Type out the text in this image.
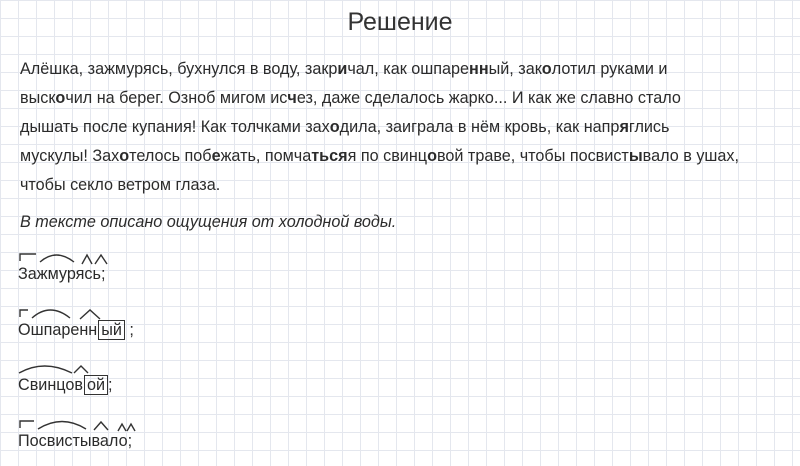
Решение
Алёшка, зажмурясь, бухнулся в воду, закричал, как ошпаренный, заколотил руками и
выскочил на берег. Озноб мигом исчез, даже сделалось жарко... И как же славно стало
дышать после купания! Как толчками заходила, заиграла в нём кровь, как напряглись
мускулы! Захотелось побежать, помчатьсяя по свинцовой траве, чтобы посвистывало в ушах,
чтобы секло ветром глаза.
В тексте описано ощущения от холодной воды.
Зажмурясь;
Ошпаренн ый ;
Свинцов ой ;
Посвистывало;
